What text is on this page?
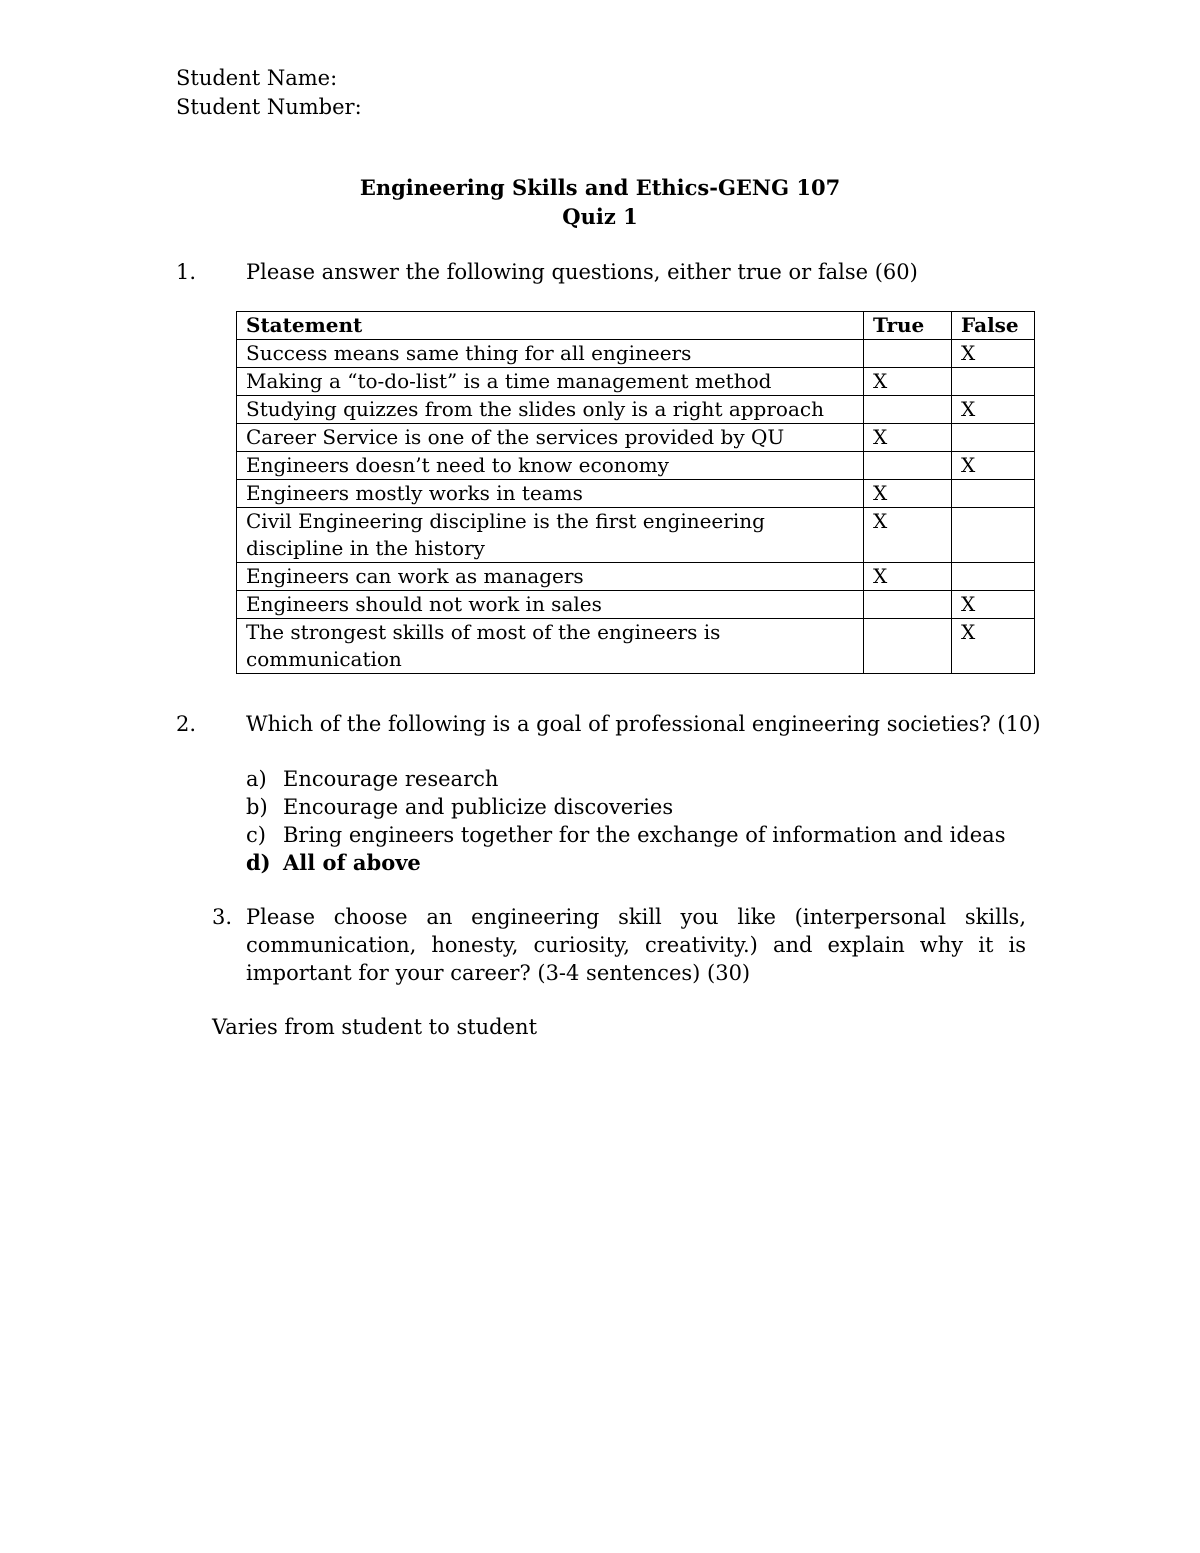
Student Name:
Student Number:
Engineering Skills and Ethics-GENG 107
Quiz 1
1. Please answer the following questions, either true or false (60)
Statement	True	False
Success means same thing for all engineers		X
Making a “to-do-list” is a time management method	X	
Studying quizzes from the slides only is a right approach		X
Career Service is one of the services provided by QU	X	
Engineers doesn’t need to know economy		X
Engineers mostly works in teams	X	
Civil Engineering discipline is the first engineering discipline in the history	X	
Engineers can work as managers	X	
Engineers should not work in sales		X
The strongest skills of most of the engineers is communication		X
2. Which of the following is a goal of professional engineering societies? (10)
a) Encourage research
b) Encourage and publicize discoveries
c) Bring engineers together for the exchange of information and ideas
d) All of above
3. Please choose an engineering skill you like (interpersonal skills, communication, honesty, curiosity, creativity.) and explain why it is important for your career? (3-4 sentences) (30)
Varies from student to student
